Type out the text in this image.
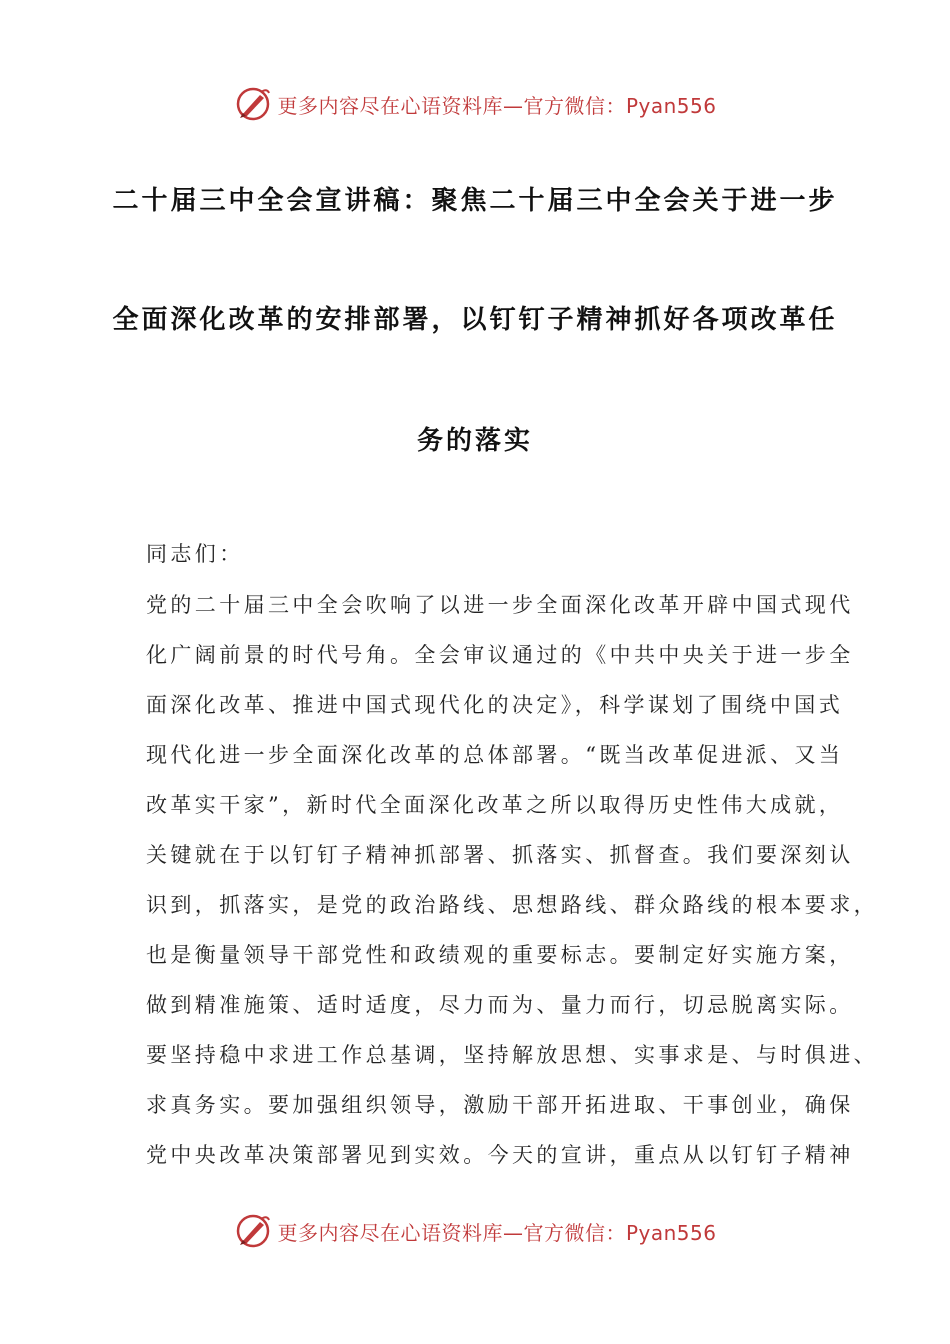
更多内容尽在心语资料库—官方微信：Pyan556
二十届三中全会宣讲稿：聚焦二十届三中全会关于进一步
全面深化改革的安排部署，以钉钉子精神抓好各项改革任
务的落实
同志们：
党的二十届三中全会吹响了以进一步全面深化改革开辟中国式现代
化广阔前景的时代号角。全会审议通过的《中共中央关于进一步全
面深化改革、推进中国式现代化的决定》，科学谋划了围绕中国式
现代化进一步全面深化改革的总体部署。“既当改革促进派、又当
改革实干家”，新时代全面深化改革之所以取得历史性伟大成就，
关键就在于以钉钉子精神抓部署、抓落实、抓督查。我们要深刻认
识到，抓落实，是党的政治路线、思想路线、群众路线的根本要求，
也是衡量领导干部党性和政绩观的重要标志。要制定好实施方案，
做到精准施策、适时适度，尽力而为、量力而行，切忌脱离实际。
要坚持稳中求进工作总基调，坚持解放思想、实事求是、与时俱进、
求真务实。要加强组织领导，激励干部开拓进取、干事创业，确保
党中央改革决策部署见到实效。今天的宣讲，重点从以钉钉子精神
更多内容尽在心语资料库—官方微信：Pyan556
